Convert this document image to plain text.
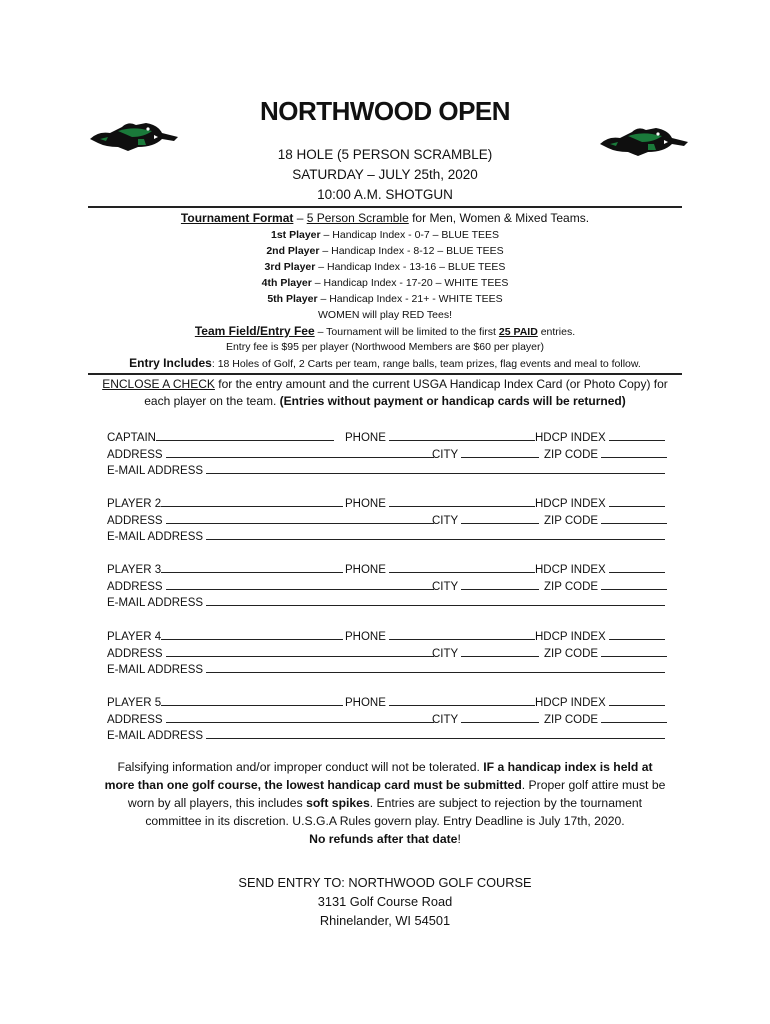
NORTHWOOD OPEN
18 HOLE (5 PERSON SCRAMBLE)
SATURDAY – JULY 25th, 2020
10:00 A.M. SHOTGUN
Tournament Format – 5 Person Scramble for Men, Women & Mixed Teams.
1st Player – Handicap Index - 0-7 – BLUE TEES
2nd Player – Handicap Index - 8-12 – BLUE TEES
3rd Player – Handicap Index - 13-16 – BLUE TEES
4th Player – Handicap Index - 17-20 – WHITE TEES
5th Player – Handicap Index - 21+ - WHITE TEES
WOMEN will play RED Tees!
Team Field/Entry Fee – Tournament will be limited to the first 25 PAID entries.
Entry fee is $95 per player (Northwood Members are $60 per player)
Entry Includes: 18 Holes of Golf, 2 Carts per team, range balls, team prizes, flag events and meal to follow.
ENCLOSE A CHECK for the entry amount and the current USGA Handicap Index Card (or Photo Copy) for
each player on the team. (Entries without payment or handicap cards will be returned)
CAPTAIN	PHONE	HDCP INDEX
ADDRESS	CITY	ZIP CODE
E-MAIL ADDRESS
PLAYER 2	PHONE	HDCP INDEX
ADDRESS	CITY	ZIP CODE
E-MAIL ADDRESS
PLAYER 3	PHONE	HDCP INDEX
ADDRESS	CITY	ZIP CODE
E-MAIL ADDRESS
PLAYER 4	PHONE	HDCP INDEX
ADDRESS	CITY	ZIP CODE
E-MAIL ADDRESS
PLAYER 5	PHONE	HDCP INDEX
ADDRESS	CITY	ZIP CODE
E-MAIL ADDRESS
Falsifying information and/or improper conduct will not be tolerated. IF a handicap index is held at
more than one golf course, the lowest handicap card must be submitted. Proper golf attire must be
worn by all players, this includes soft spikes. Entries are subject to rejection by the tournament
committee in its discretion. U.S.G.A Rules govern play. Entry Deadline is July 17th, 2020.
No refunds after that date!
SEND ENTRY TO: NORTHWOOD GOLF COURSE
3131 Golf Course Road
Rhinelander, WI 54501
